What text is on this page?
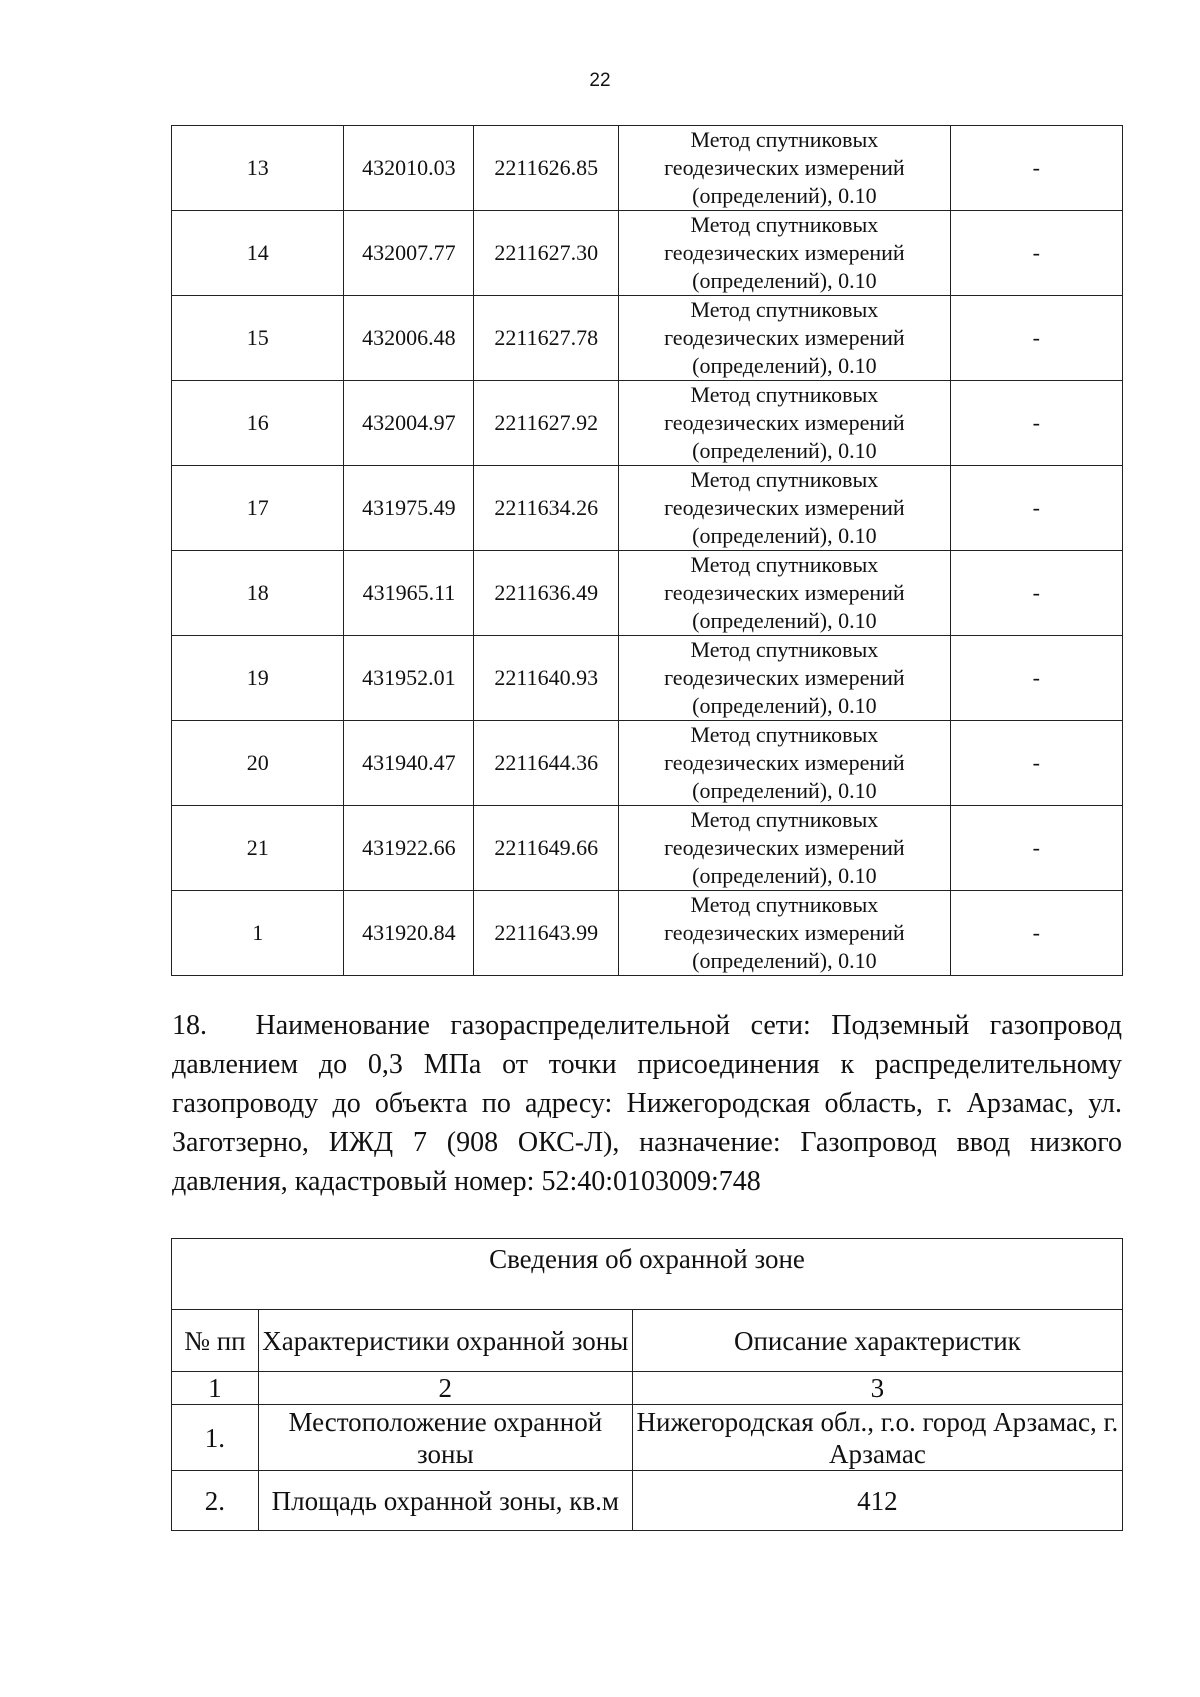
22
13	432010.03	2211626.85	Метод спутниковых
геодезических измерений
(определений), 0.10	-
14	432007.77	2211627.30	Метод спутниковых
геодезических измерений
(определений), 0.10	-
15	432006.48	2211627.78	Метод спутниковых
геодезических измерений
(определений), 0.10	-
16	432004.97	2211627.92	Метод спутниковых
геодезических измерений
(определений), 0.10	-
17	431975.49	2211634.26	Метод спутниковых
геодезических измерений
(определений), 0.10	-
18	431965.11	2211636.49	Метод спутниковых
геодезических измерений
(определений), 0.10	-
19	431952.01	2211640.93	Метод спутниковых
геодезических измерений
(определений), 0.10	-
20	431940.47	2211644.36	Метод спутниковых
геодезических измерений
(определений), 0.10	-
21	431922.66	2211649.66	Метод спутниковых
геодезических измерений
(определений), 0.10	-
1	431920.84	2211643.99	Метод спутниковых
геодезических измерений
(определений), 0.10	-
18.  Наименование газораспределительной сети: Подземный газопровод давлением до 0,3 МПа от точки присоединения к распределительному газопроводу до объекта по адресу: Нижегородская область, г. Арзамас, ул. Заготзерно, ИЖД 7 (908 ОКС-Л), назначение: Газопровод ввод низкого давления, кадастровый номер: 52:40:0103009:748
Сведения об охранной зоне		
№ пп	Характеристики охранной зоны	Описание характеристик
1	2	3
1.	Местоположение охранной зоны	Нижегородская обл., г.о. город Арзамас, г. Арзамас
2.	Площадь охранной зоны, кв.м	412
